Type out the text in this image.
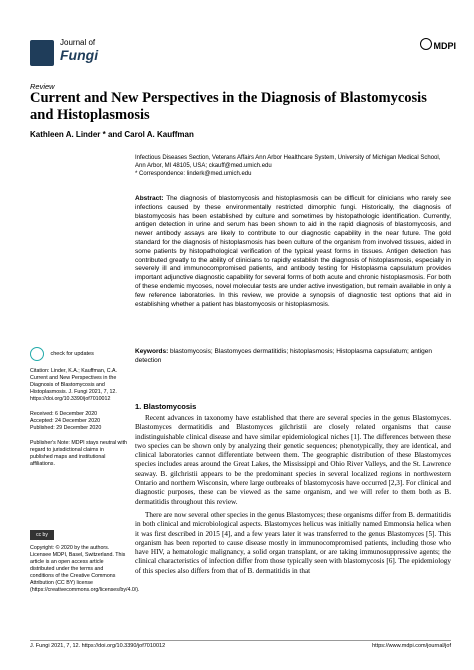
Journal of
Fungi
MDPI
Review
Current and New Perspectives in the Diagnosis of Blastomycosis and Histoplasmosis
Kathleen A. Linder * and Carol A. Kauffman
Infectious Diseases Section, Veterans Affairs Ann Arbor Healthcare System, University of Michigan Medical School, Ann Arbor, MI 48105, USA; ckauff@med.umich.edu
* Correspondence: linderk@med.umich.edu
Abstract: The diagnosis of blastomycosis and histoplasmosis can be difficult for clinicians who rarely see infections caused by these environmentally restricted dimorphic fungi. Historically, the diagnosis of blastomycosis has been established by culture and sometimes by histopathologic identification. Currently, antigen detection in urine and serum has been shown to aid in the rapid diagnosis of blastomycosis, and newer antibody assays are likely to contribute to our diagnostic capability in the near future. The gold standard for the diagnosis of histoplasmosis has been culture of the organism from involved tissues, aided in some patients by histopathological verification of the typical yeast forms in tissues. Antigen detection has contributed greatly to the ability of clinicians to rapidly establish the diagnosis of histoplasmosis, especially in severely ill and immunocompromised patients, and antibody testing for Histoplasma capsulatum provides important adjunctive diagnostic capability for several forms of both acute and chronic histoplasmosis. For both of these endemic mycoses, novel molecular tests are under active investigation, but remain available in only a few reference laboratories. In this review, we provide a synopsis of diagnostic test options that aid in establishing whether a patient has blastomycosis or histoplasmosis.
Keywords: blastomycosis; Blastomyces dermatitidis; histoplasmosis; Histoplasma capsulatum; antigen detection
check for updates

Citation: Linder, K.A.; Kauffman, C.A. Current and New Perspectives in the Diagnosis of Blastomycosis and Histoplasmosis. J. Fungi 2021, 7, 12. https://doi.org/10.3390/jof7010012

Received: 6 December 2020

Accepted: 24 December 2020

Published: 29 December 2020

Publisher's Note: MDPI stays neutral with regard to jurisdictional claims in published maps and institutional affiliations.

cc by

Copyright: © 2020 by the authors. Licensee MDPI, Basel, Switzerland. This article is an open access article distributed under the terms and conditions of the Creative Commons Attribution (CC BY) license (https://creativecommons.org/licenses/by/4.0/).

1. Blastomycosis

Recent advances in taxonomy have established that there are several species in the genus Blastomyces. Blastomyces dermatitidis and Blastomyces gilchristii are closely related organisms that cause indistinguishable clinical disease and have similar epidemiological niches [1]. The differences between these two species can be shown only by analyzing their genetic sequences; phenotypically, they are identical, and clinical laboratories cannot differentiate between them. The geographic distribution of these Blastomyces species includes areas around the Great Lakes, the Mississippi and Ohio River Valleys, and the St. Lawrence seaway. B. gilchristii appears to be the predominant species in several localized regions in northwestern Ontario and northern Wisconsin, where large outbreaks of blastomycosis have occurred [2,3]. For clinical and diagnostic purposes, these can be viewed as the same organism, and we will refer to them both as B. dermatitidis throughout this review.

There are now several other species in the genus Blastomyces; these organisms differ from B. dermatitidis in both clinical and microbiological aspects. Blastomyces helicus was initially named Emmonsia helica when it was first described in 2015 [4], and a few years later it was transferred to the genus Blastomyces [5]. This organism has been reported to cause disease mostly in immunocompromised patients, including those who have HIV, a hematologic malignancy, a solid organ transplant, or are taking immunosuppressive agents; the clinical characteristics of infection differ from those typically seen with blastomycosis [6]. The epidemiology of this species also differs from that of B. dermatitidis in that

J. Fungi 2021, 7, 12. https://doi.org/10.3390/jof7010012	https://www.mdpi.com/journal/jof
